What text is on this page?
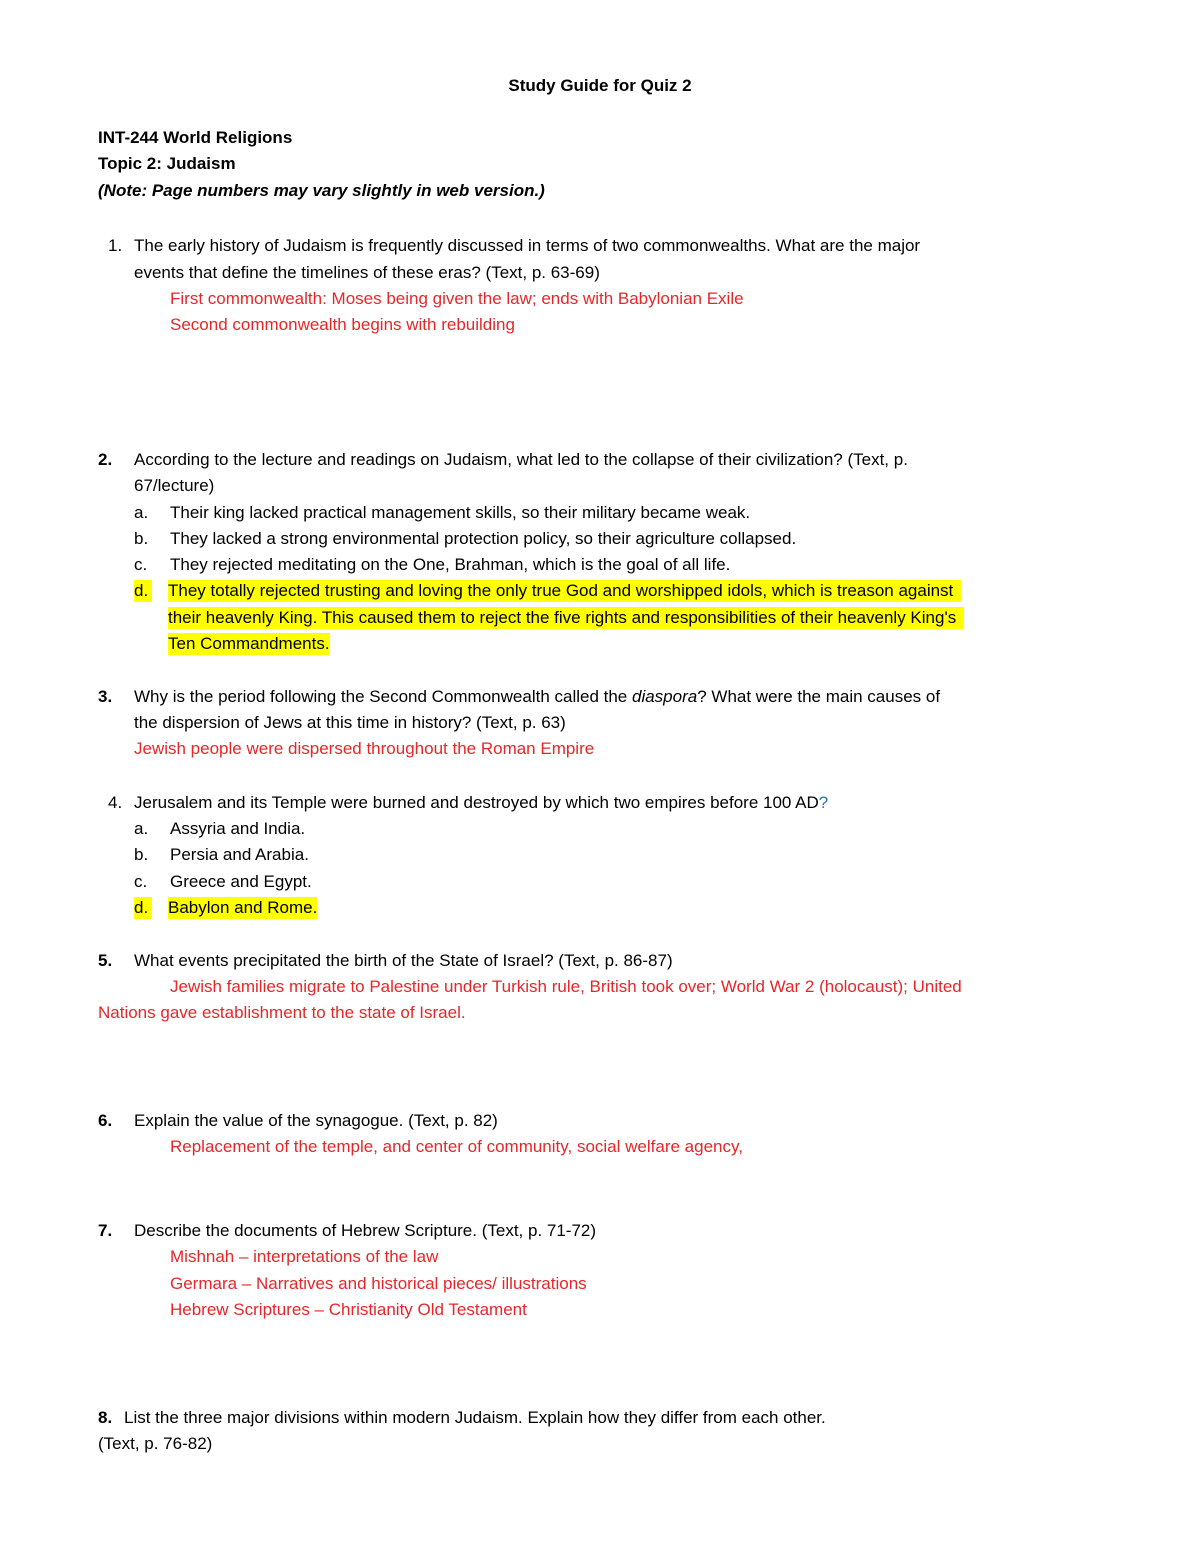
Study Guide for Quiz 2
INT-244 World Religions
Topic 2: Judaism
(Note: Page numbers may vary slightly in web version.)
1. The early history of Judaism is frequently discussed in terms of two commonwealths. What are the major
events that define the timelines of these eras? (Text, p. 63-69)
First commonwealth: Moses being given the law; ends with Babylonian Exile
Second commonwealth begins with rebuilding
2. According to the lecture and readings on Judaism, what led to the collapse of their civilization? (Text, p.
67/lecture)
a. Their king lacked practical management skills, so their military became weak.
b. They lacked a strong environmental protection policy, so their agriculture collapsed.
c. They rejected meditating on the One, Brahman, which is the goal of all life.
d. They totally rejected trusting and loving the only true God and worshipped idols, which is treason against
their heavenly King. This caused them to reject the five rights and responsibilities of their heavenly King's
Ten Commandments.
3. Why is the period following the Second Commonwealth called the diaspora? What were the main causes of
the dispersion of Jews at this time in history? (Text, p. 63)
Jewish people were dispersed throughout the Roman Empire
4. Jerusalem and its Temple were burned and destroyed by which two empires before 100 AD?
a. Assyria and India.
b. Persia and Arabia.
c. Greece and Egypt.
d. Babylon and Rome.
5. What events precipitated the birth of the State of Israel? (Text, p. 86-87)
Jewish families migrate to Palestine under Turkish rule, British took over; World War 2 (holocaust); United
Nations gave establishment to the state of Israel.
6. Explain the value of the synagogue. (Text, p. 82)
Replacement of the temple, and center of community, social welfare agency,
7. Describe the documents of Hebrew Scripture. (Text, p. 71-72)
Mishnah – interpretations of the law
Germara – Narratives and historical pieces/ illustrations
Hebrew Scriptures – Christianity Old Testament
8. List the three major divisions within modern Judaism. Explain how they differ from each other.
(Text, p. 76-82)
